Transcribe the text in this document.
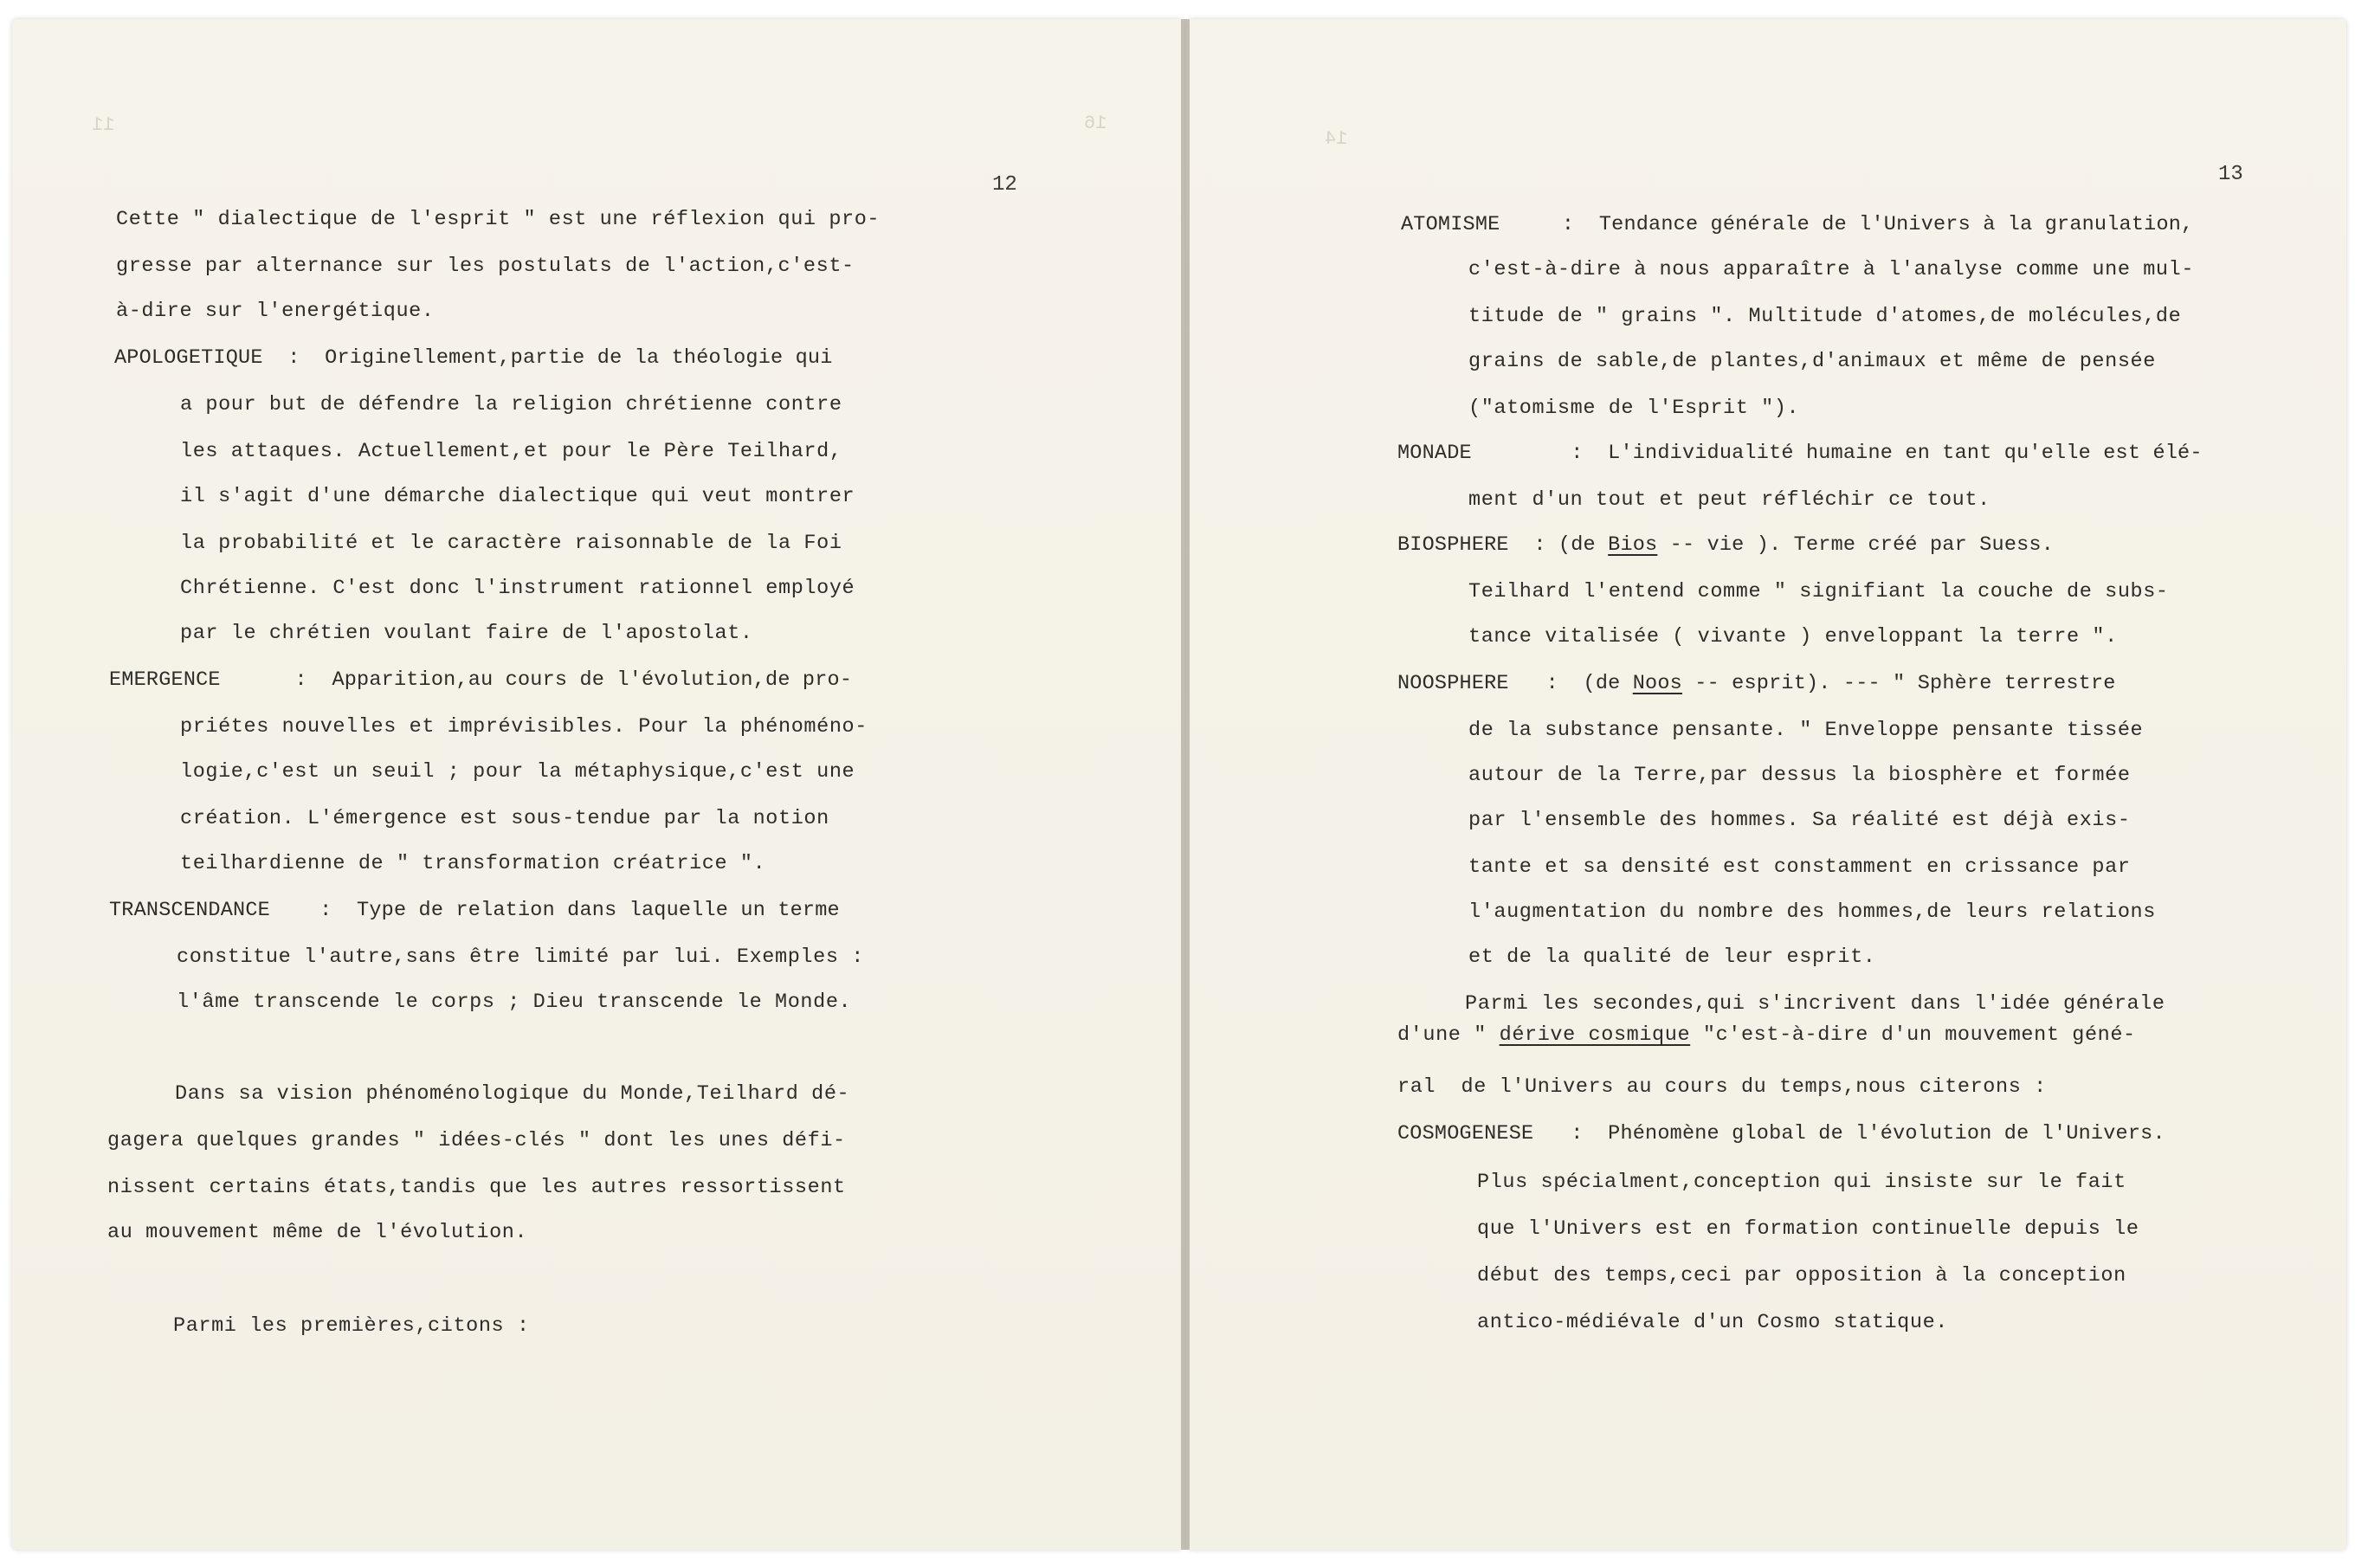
11	16
12
Cette " dialectique de l'esprit " est une réflexion qui pro-
gresse par alternance sur les postulats de l'action,c'est-
à-dire sur l'energétique.
APOLOGETIQUE  :  Originellement,partie de la théologie qui
a pour but de défendre la religion chrétienne contre
les attaques. Actuellement,et pour le Père Teilhard,
il s'agit d'une démarche dialectique qui veut montrer
la probabilité et le caractère raisonnable de la Foi
Chrétienne. C'est donc l'instrument rationnel employé
par le chrétien voulant faire de l'apostolat.
EMERGENCE      :  Apparition,au cours de l'évolution,de pro-
priétes nouvelles et imprévisibles. Pour la phénoméno-
logie,c'est un seuil ; pour la métaphysique,c'est une
création. L'émergence est sous-tendue par la notion
teilhardienne de " transformation créatrice ".
TRANSCENDANCE    :  Type de relation dans laquelle un terme
constitue l'autre,sans être limité par lui. Exemples :
l'âme transcende le corps ; Dieu transcende le Monde.
Dans sa vision phénoménologique du Monde,Teilhard dé-
gagera quelques grandes " idées-clés " dont les unes défi-
nissent certains états,tandis que les autres ressortissent
au mouvement même de l'évolution.
Parmi les premières,citons :
14
13
ATOMISME     :  Tendance générale de l'Univers à la granulation,
c'est-à-dire à nous apparaître à l'analyse comme une mul-
titude de " grains ". Multitude d'atomes,de molécules,de
grains de sable,de plantes,d'animaux et même de pensée
("atomisme de l'Esprit ").
MONADE        :  L'individualité humaine en tant qu'elle est élé-
ment d'un tout et peut réfléchir ce tout.
BIOSPHERE  : (de Bios -- vie ). Terme créé par Suess.
Teilhard l'entend comme " signifiant la couche de subs-
tance vitalisée ( vivante ) enveloppant la terre ".
NOOSPHERE   :  (de Noos -- esprit). --- " Sphère terrestre
de la substance pensante. " Enveloppe pensante tissée
autour de la Terre,par dessus la biosphère et formée
par l'ensemble des hommes. Sa réalité est déjà exis-
tante et sa densité est constamment en crissance par
l'augmentation du nombre des hommes,de leurs relations
et de la qualité de leur esprit.
Parmi les secondes,qui s'incrivent dans l'idée générale
d'une " dérive cosmique "c'est-à-dire d'un mouvement géné-
ral  de l'Univers au cours du temps,nous citerons :
COSMOGENESE   :  Phénomène global de l'évolution de l'Univers.
Plus spécialment,conception qui insiste sur le fait
que l'Univers est en formation continuelle depuis le
début des temps,ceci par opposition à la conception
antico-médiévale d'un Cosmo statique.
